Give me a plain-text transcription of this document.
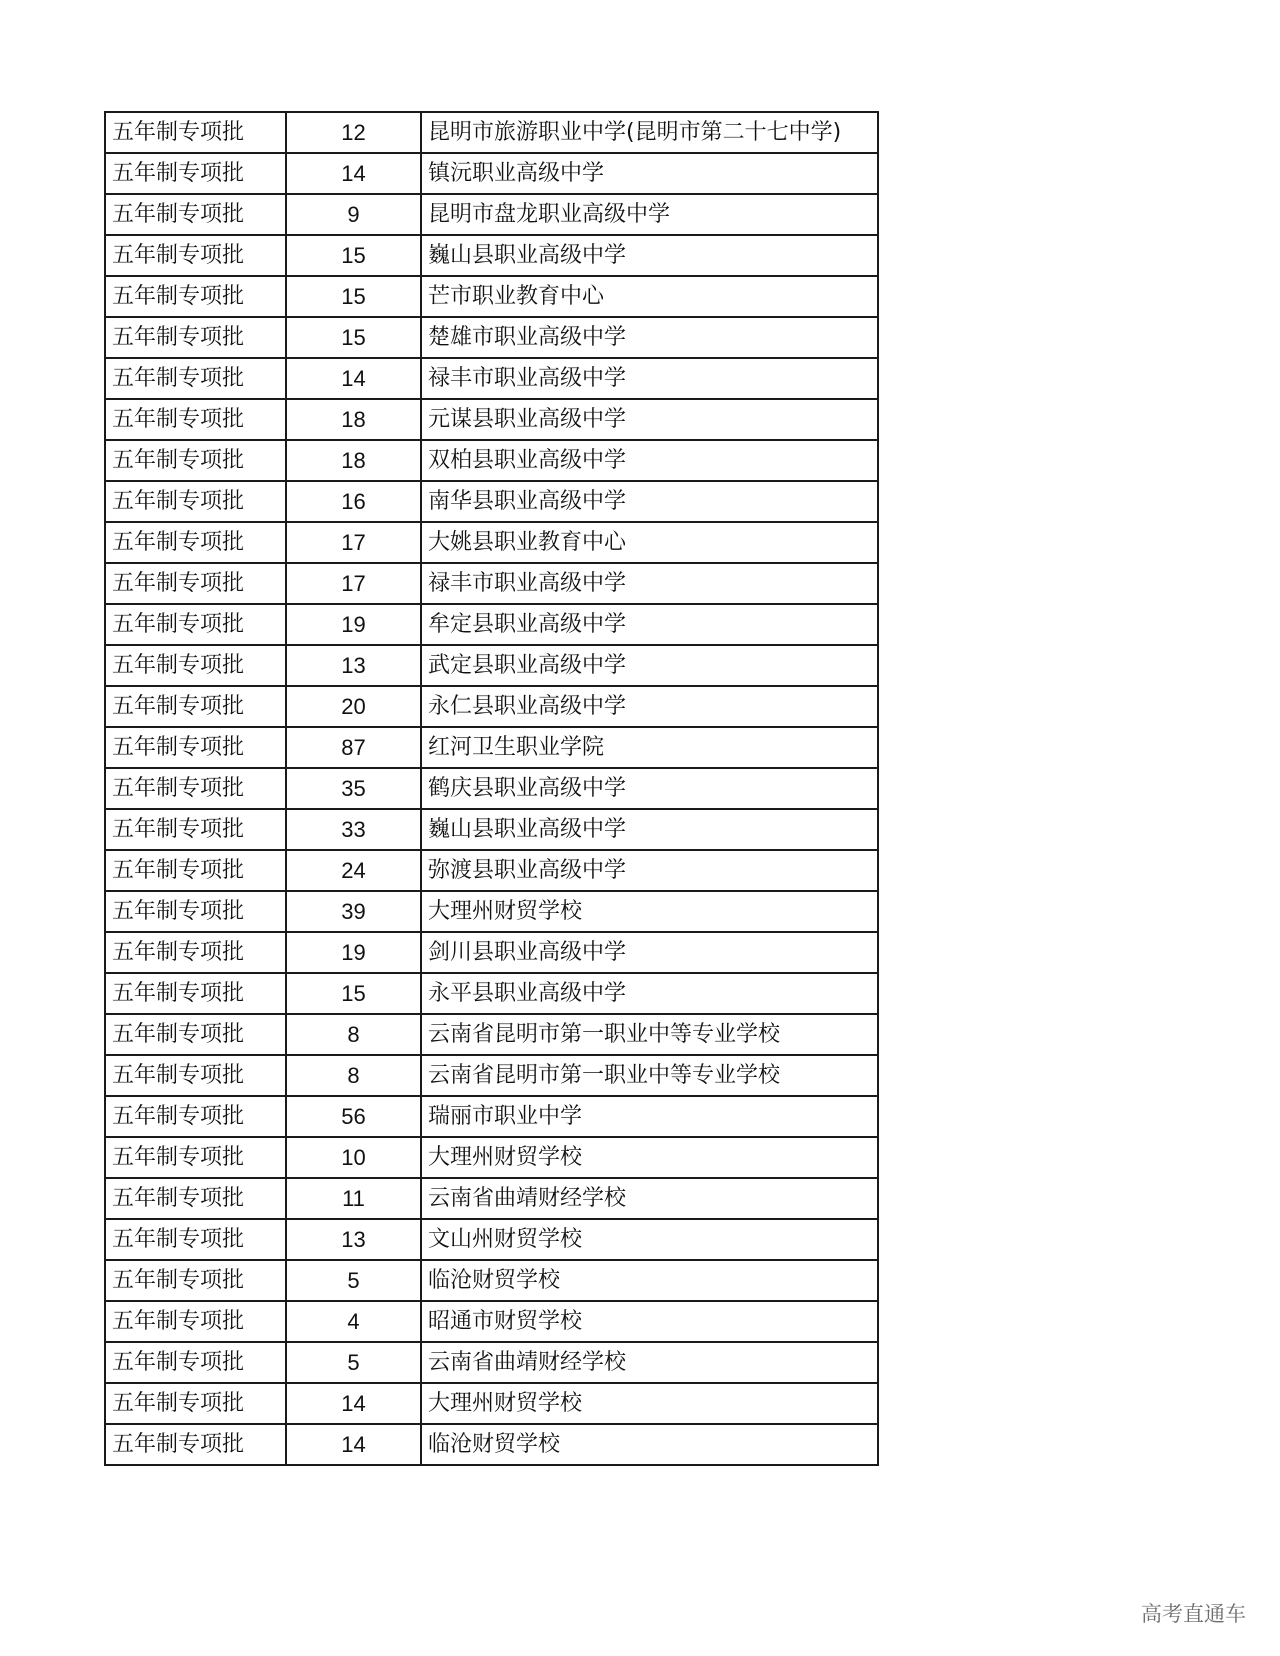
五年制专项批	12	昆明市旅游职业中学(昆明市第二十七中学)
五年制专项批	14	镇沅职业高级中学
五年制专项批	9	昆明市盘龙职业高级中学
五年制专项批	15	巍山县职业高级中学
五年制专项批	15	芒市职业教育中心
五年制专项批	15	楚雄市职业高级中学
五年制专项批	14	禄丰市职业高级中学
五年制专项批	18	元谋县职业高级中学
五年制专项批	18	双柏县职业高级中学
五年制专项批	16	南华县职业高级中学
五年制专项批	17	大姚县职业教育中心
五年制专项批	17	禄丰市职业高级中学
五年制专项批	19	牟定县职业高级中学
五年制专项批	13	武定县职业高级中学
五年制专项批	20	永仁县职业高级中学
五年制专项批	87	红河卫生职业学院
五年制专项批	35	鹤庆县职业高级中学
五年制专项批	33	巍山县职业高级中学
五年制专项批	24	弥渡县职业高级中学
五年制专项批	39	大理州财贸学校
五年制专项批	19	剑川县职业高级中学
五年制专项批	15	永平县职业高级中学
五年制专项批	8	云南省昆明市第一职业中等专业学校
五年制专项批	8	云南省昆明市第一职业中等专业学校
五年制专项批	56	瑞丽市职业中学
五年制专项批	10	大理州财贸学校
五年制专项批	11	云南省曲靖财经学校
五年制专项批	13	文山州财贸学校
五年制专项批	5	临沧财贸学校
五年制专项批	4	昭通市财贸学校
五年制专项批	5	云南省曲靖财经学校
五年制专项批	14	大理州财贸学校
五年制专项批	14	临沧财贸学校
高考直通车
